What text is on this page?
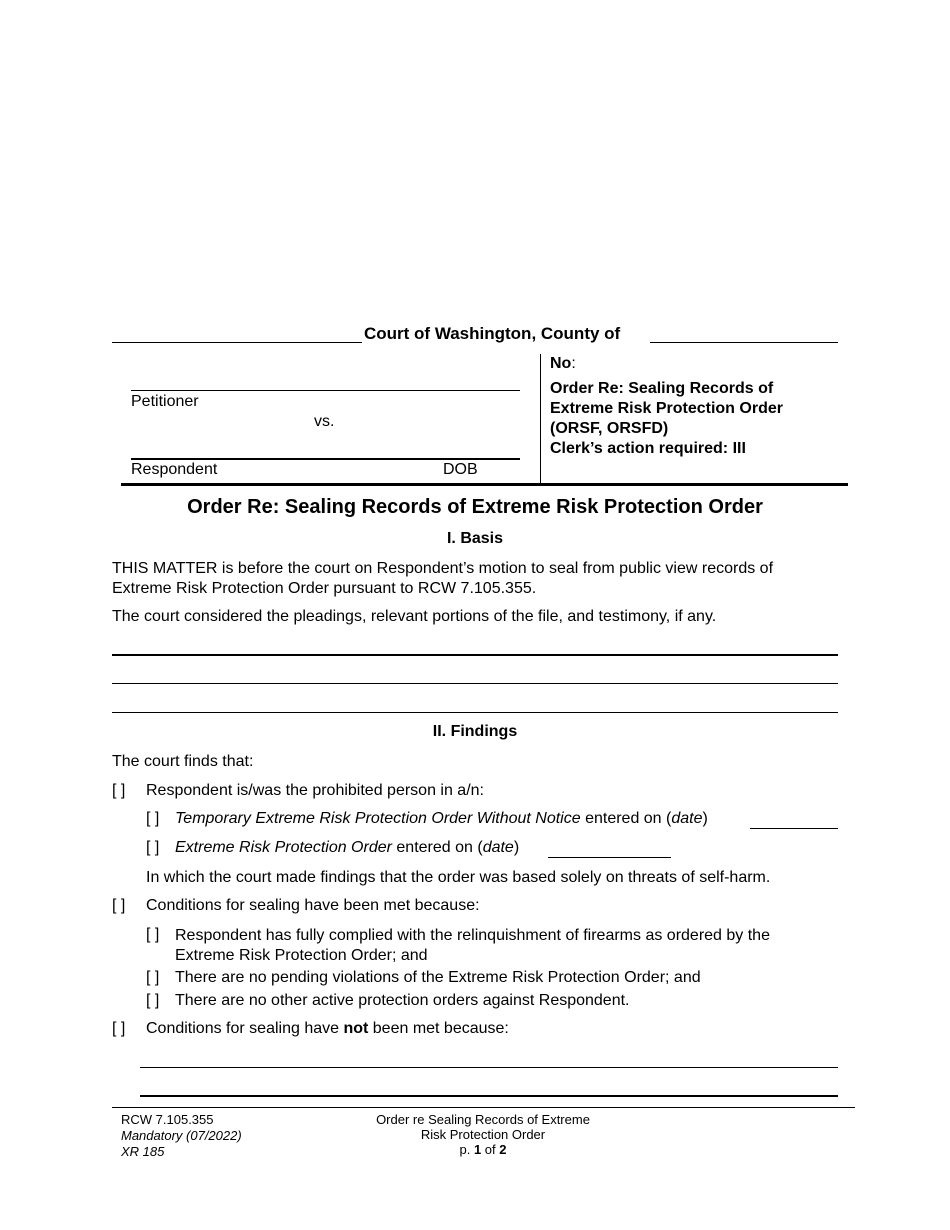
Court of Washington, County of
Petitioner
vs.
Respondent	DOB
No:
Order Re: Sealing Records of
Extreme Risk Protection Order
(ORSF, ORSFD)
Clerk’s action required: III
Order Re: Sealing Records of Extreme Risk Protection Order
I. Basis
THIS MATTER is before the court on Respondent’s motion to seal from public view records of
Extreme Risk Protection Order pursuant to RCW 7.105.355.
The court considered the pleadings, relevant portions of the file, and testimony, if any.
II. Findings
The court finds that:
[ ] Respondent is/was the prohibited person in a/n:
[ ] Temporary Extreme Risk Protection Order Without Notice entered on (date)
[ ] Extreme Risk Protection Order entered on (date)
In which the court made findings that the order was based solely on threats of self-harm.
[ ] Conditions for sealing have been met because:
[ ] Respondent has fully complied with the relinquishment of firearms as ordered by the
Extreme Risk Protection Order; and
[ ] There are no pending violations of the Extreme Risk Protection Order; and
[ ] There are no other active protection orders against Respondent.
[ ] Conditions for sealing have not been met because:
RCW 7.105.355
Mandatory (07/2022)
XR 185
Order re Sealing Records of Extreme
Risk Protection Order
p. 1 of 2
